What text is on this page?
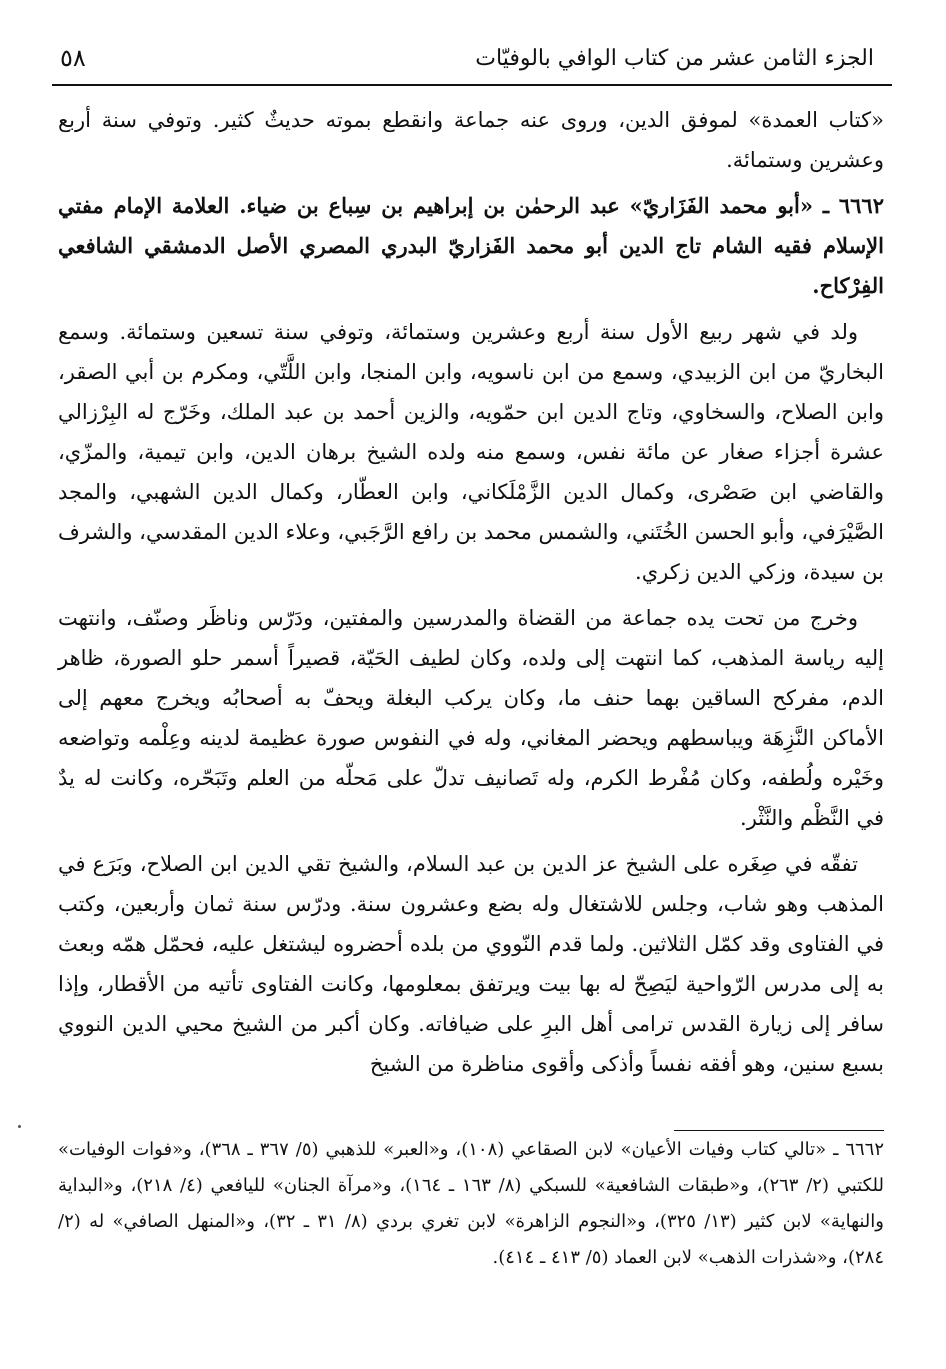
الجزء الثامن عشر من كتاب الوافي بالوفيّات
٥٨

«كتاب العمدة» لموفق الدين، وروى عنه جماعة وانقطع بموته حديثٌ كثير. وتوفي سنة أربع وعشرين وستمائة.

٦٦٦٢ ـ «أبو محمد الفَزَاريّ» عبد الرحمٰن بن إبراهيم بن سِباع بن ضياء. العلامة الإمام مفتي الإسلام فقيه الشام تاج الدين أبو محمد الفَزاريّ البدري المصري الأصل الدمشقي الشافعي الفِرْكاح.

ولد في شهر ربيع الأول سنة أربع وعشرين وستمائة، وتوفي سنة تسعين وستمائة. وسمع البخاريّ من ابن الزبيدي، وسمع من ابن ناسويه، وابن المنجا، وابن اللَّتّي، ومكرم بن أبي الصقر، وابن الصلاح، والسخاوي، وتاج الدين ابن حمّويه، والزين أحمد بن عبد الملك، وخَرّج له البِرْزالي عشرة أجزاء صغار عن مائة نفس، وسمع منه ولده الشيخ برهان الدين، وابن تيمية، والمزّي، والقاضي ابن صَصْرى، وكمال الدين الزَّمْلَكاني، وابن العطّار، وكمال الدين الشهبي، والمجد الصَّيْرَفي، وأبو الحسن الخُتَني، والشمس محمد بن رافع الرَّجَبي، وعلاء الدين المقدسي، والشرف بن سيدة، وزكي الدين زكري.

وخرج من تحت يده جماعة من القضاة والمدرسين والمفتين، ودَرّس وناظَر وصنّف، وانتهت إليه رياسة المذهب، كما انتهت إلى ولده، وكان لطيف الحَيّة، قصيراً أسمر حلو الصورة، ظاهر الدم، مفركح الساقين بهما حنف ما، وكان يركب البغلة ويحفّ به أصحابُه ويخرج معهم إلى الأماكن النَّزِهَة ويباسطهم ويحضر المغاني، وله في النفوس صورة عظيمة لدينه وعِلْمه وتواضعه وخَيْره ولُطفه، وكان مُفْرط الكرم، وله تَصانيف تدلّ على مَحلّه من العلم وتَبَحّره، وكانت له يدٌ في النَّظْم والنَّثْر.

تفقّه في صِغَره على الشيخ عز الدين بن عبد السلام، والشيخ تقي الدين ابن الصلاح، وبَرَع في المذهب وهو شاب، وجلس للاشتغال وله بضع وعشرون سنة. ودرّس سنة ثمان وأربعين، وكتب في الفتاوى وقد كمّل الثلاثين. ولما قدم النّووي من بلده أحضروه ليشتغل عليه، فحمّل همّه وبعث به إلى مدرس الرّواحية ليَصِحّ له بها بيت ويرتفق بمعلومها، وكانت الفتاوى تأتيه من الأقطار، وإذا سافر إلى زيارة القدس ترامى أهل البرِ على ضيافاته. وكان أكبر من الشيخ محيي الدين النووي بسبع سنين، وهو أفقه نفساً وأذكى وأقوى مناظرة من الشيخ

٦٦٦٢ ـ «تالي كتاب وفيات الأعيان» لابن الصقاعي (١٠٨)، و«العبر» للذهبي (٥/ ٣٦٧ ـ ٣٦٨)، و«فوات الوفيات» للكتبي (٢/ ٢٦٣)، و«طبقات الشافعية» للسبكي (٨/ ١٦٣ ـ ١٦٤)، و«مرآة الجنان» لليافعي (٤/ ٢١٨)، و«البداية والنهاية» لابن كثير (١٣/ ٣٢٥)، و«النجوم الزاهرة» لابن تغري بردي (٨/ ٣١ ـ ٣٢)، و«المنهل الصافي» له (٢/ ٢٨٤)، و«شذرات الذهب» لابن العماد (٥/ ٤١٣ ـ ٤١٤).
